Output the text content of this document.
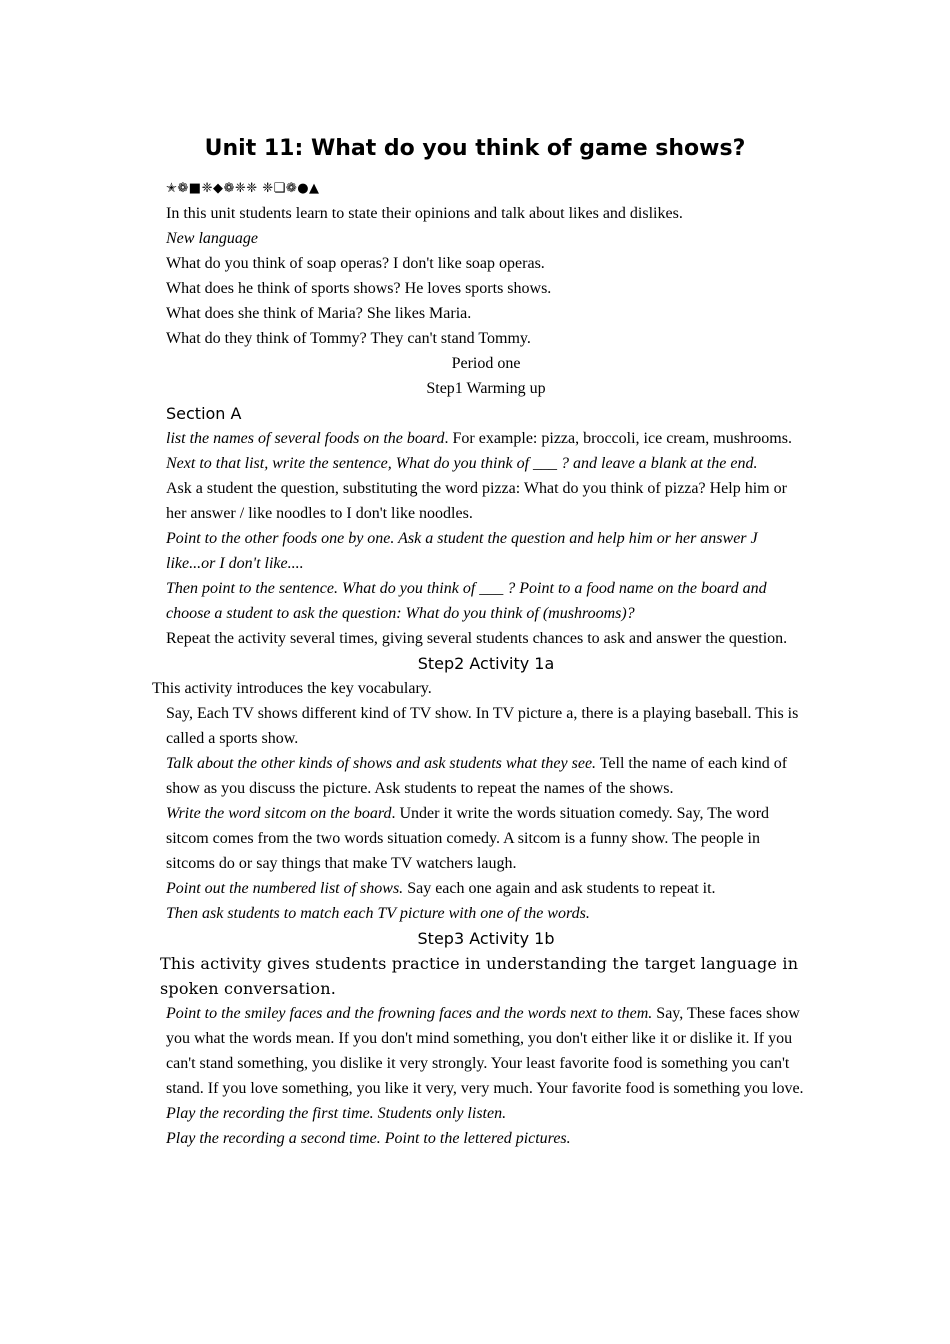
Unit 11: What do you think of game shows?

✭❁■❈◆❁❈❈ ❈❏❁●▲

In this unit students learn to state their opinions and talk about likes and dislikes.

New language

What do you think of soap operas? I don't like soap operas.

What does he think of sports shows? He loves sports shows.

What does she think of Maria? She likes Maria.

What do they think of Tommy? They can't stand Tommy.

Period one

Step1 Warming up

Section A

list the names of several foods on the board. For example: pizza, broccoli, ice cream, mushrooms.

Next to that list, write the sentence, What do you think of ___ ? and leave a blank at the end.

Ask a student the question, substituting the word pizza: What do you think of pizza? Help him or her answer / like noodles to I don't like noodles.

Point to the other foods one by one. Ask a student the question and help him or her answer J like...or I don't like....

Then point to the sentence. What do you think of ___ ? Point to a food name on the board and choose a student to ask the question: What do you think of (mushrooms)?

Repeat the activity several times, giving several students chances to ask and answer the question.

Step2 Activity 1a

This activity introduces the key vocabulary.

Say, Each TV shows different kind of TV show. In TV picture a, there is a playing baseball. This is called a sports show.

Talk about the other kinds of shows and ask students what they see. Tell the name of each kind of show as you discuss the picture. Ask students to repeat the names of the shows.

Write the word sitcom on the board. Under it write the words situation comedy. Say, The word sitcom comes from the two words situation comedy. A sitcom is a funny show. The people in sitcoms do or say things that make TV watchers laugh.

Point out the numbered list of shows. Say each one again and ask students to repeat it.

Then ask students to match each TV picture with one of the words.

Step3 Activity 1b

This activity gives students practice in understanding the target language in spoken conversation.

Point to the smiley faces and the frowning faces and the words next to them. Say, These faces show you what the words mean. If you don't mind something, you don't either like it or dislike it. If you can't stand something, you dislike it very strongly. Your least favorite food is something you can't stand. If you love something, you like it very, very much. Your favorite food is something you love.

Play the recording the first time. Students only listen.

Play the recording a second time. Point to the lettered pictures.
